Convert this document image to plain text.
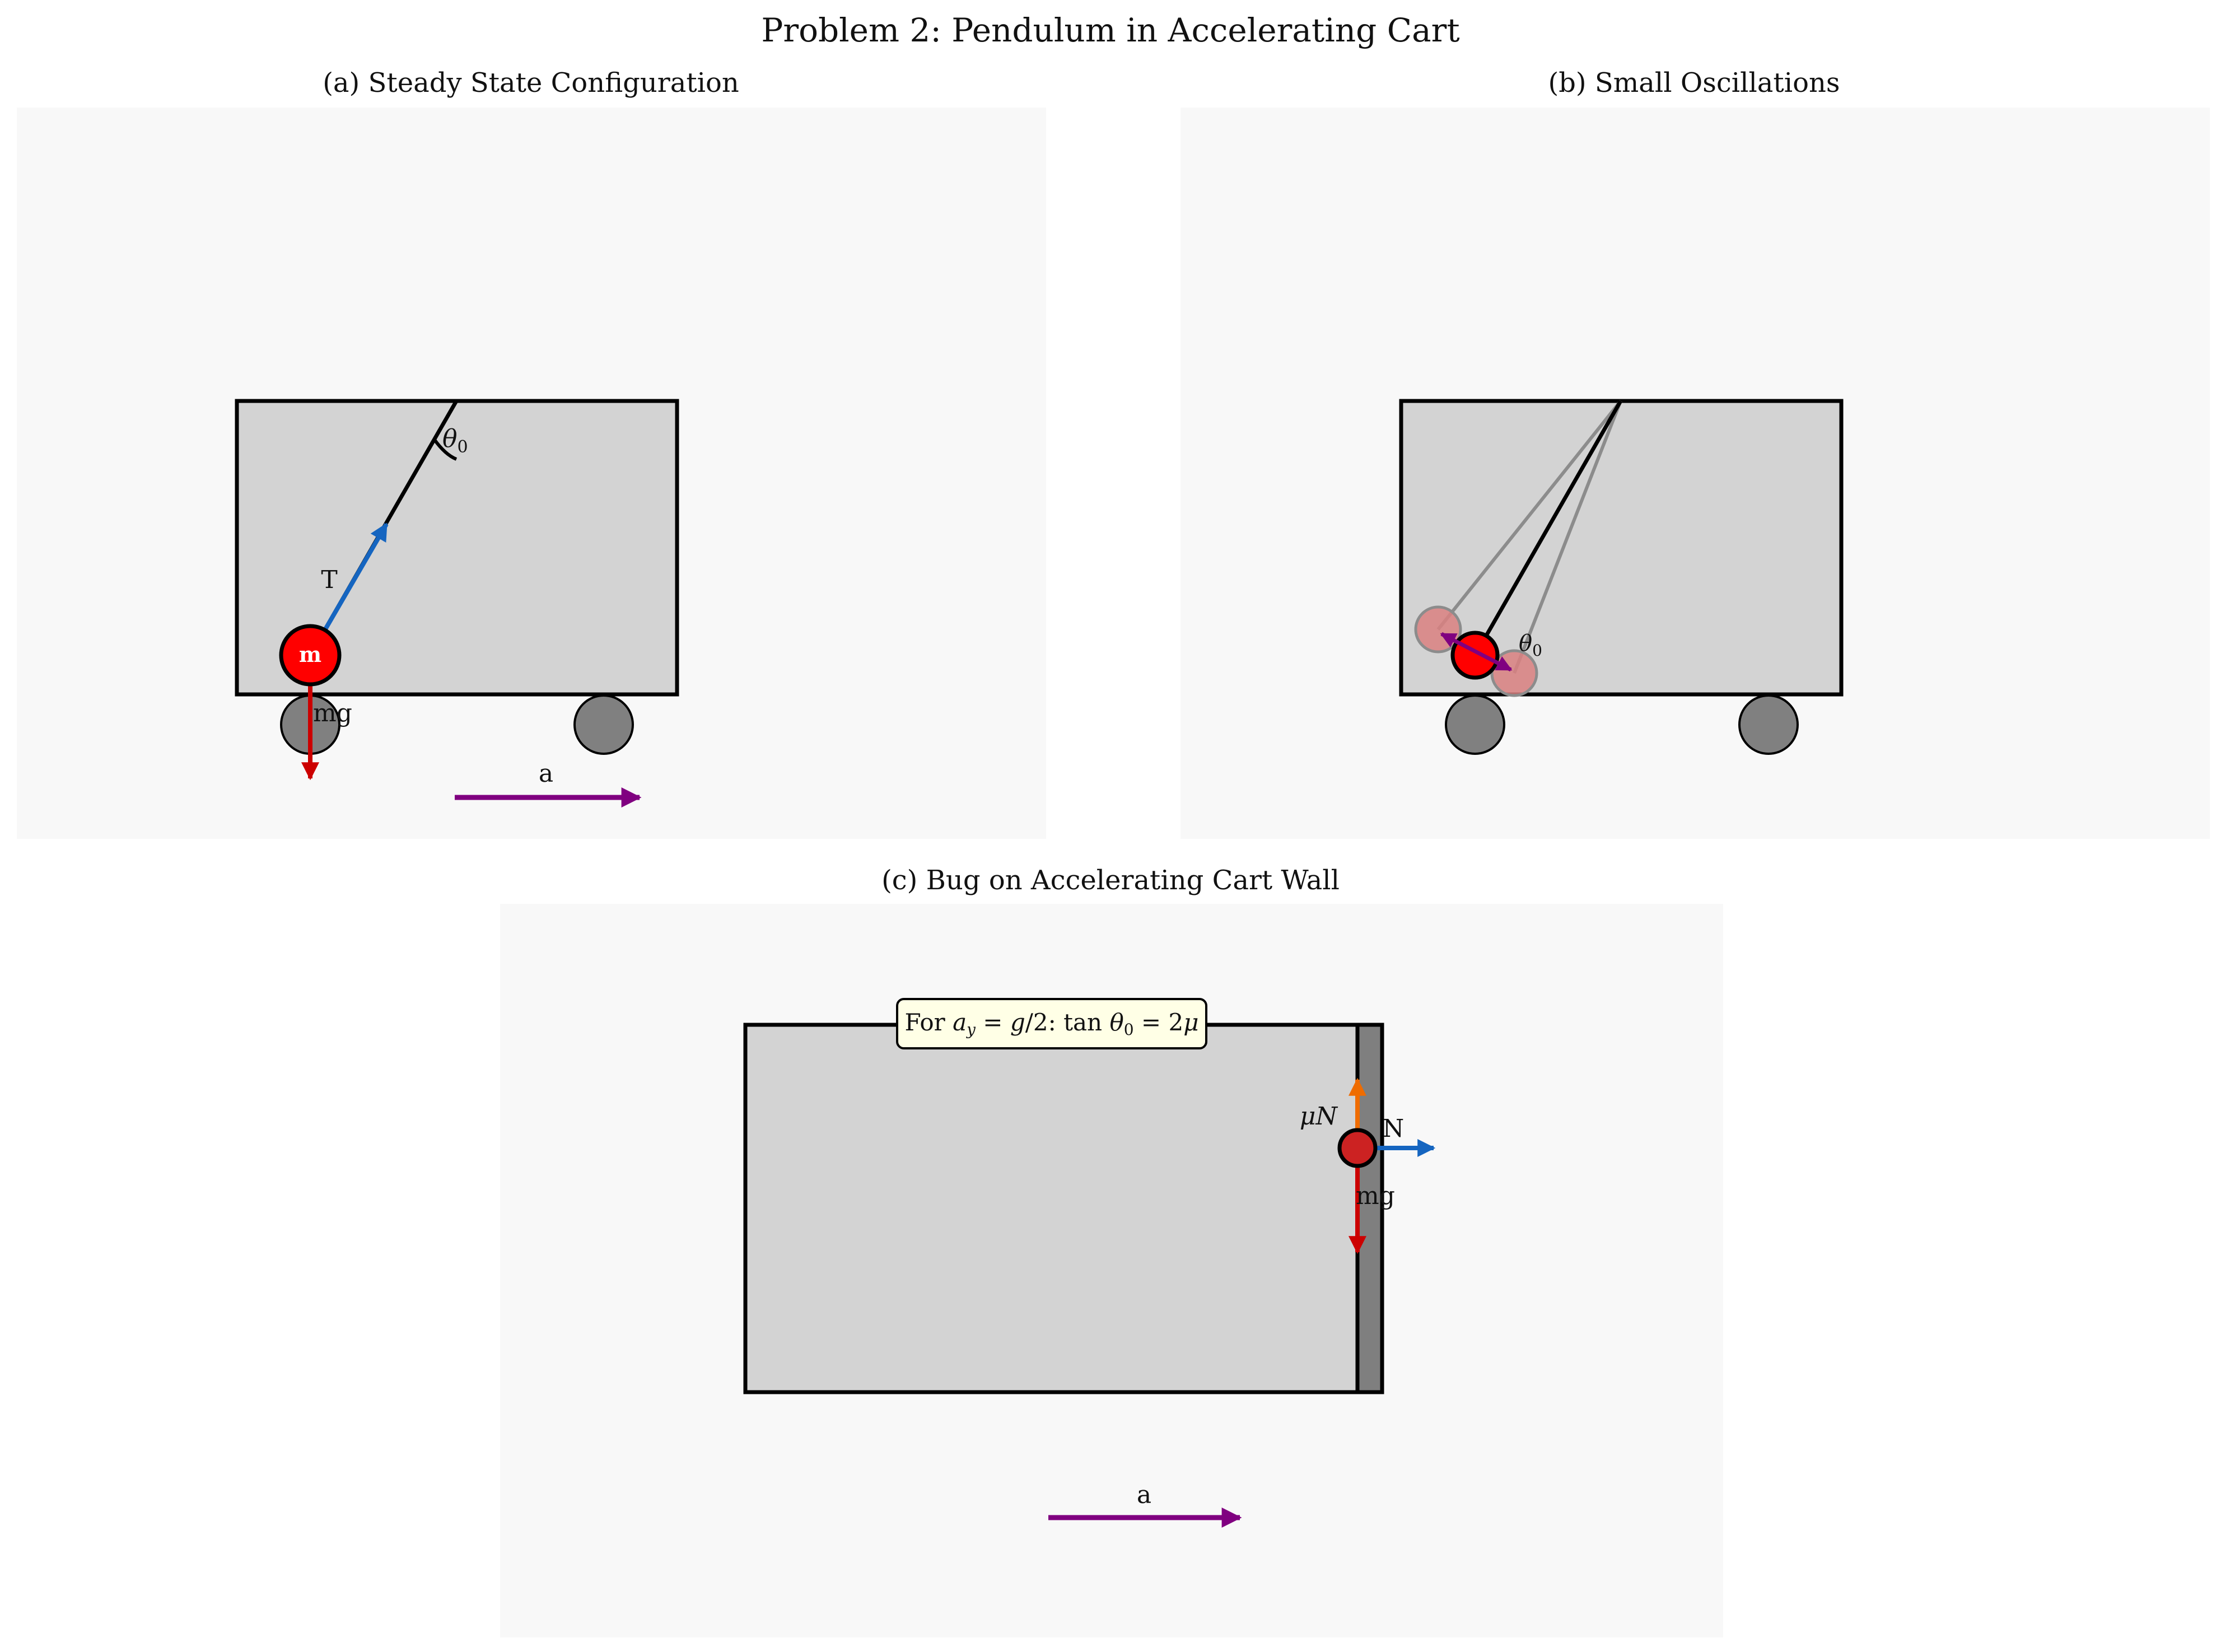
Problem 2: Pendulum in Accelerating Cart
(a) Steady State Configuration
$\theta_0$
T
m
mg
a
(b) Small Oscillations
$\theta_0$
(c) Bug on Accelerating Cart Wall
μN N
mg
For ay = g/2: tan θ0 = 2μ
a
